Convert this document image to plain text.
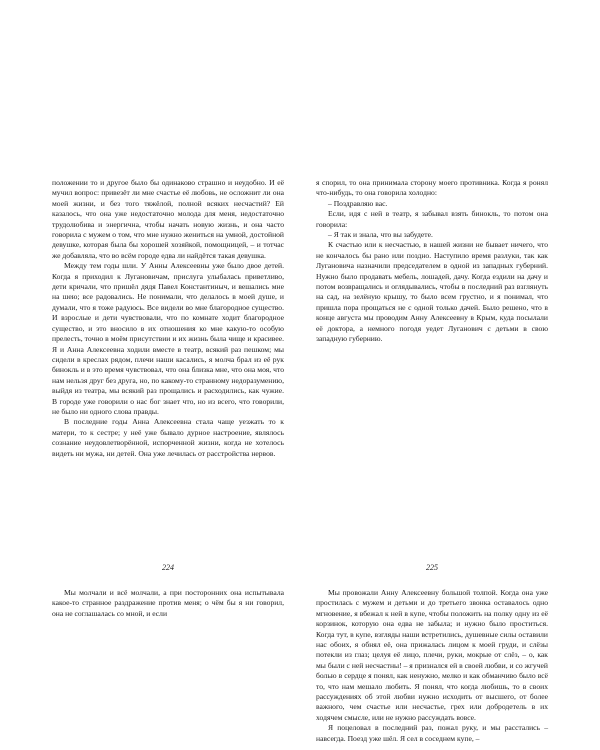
положении то и другое было бы одинаково страшно и неудобно. И её мучил вопрос: привезёт ли мне счастье её любовь, не осложнит ли она моей жизни, и без того тяжёлой, полной всяких несчастий? Ей казалось, что она уже недостаточно молода для меня, недостаточно трудолюбива и энергична, чтобы начать новую жизнь, и она часто говорила с мужем о том, что мне нужно жениться на умной, достойной девушке, которая была бы хорошей хозяйкой, помощницей, – и тотчас же добавляла, что во всём городе едва ли найдётся такая девушка.

Между тем годы шли. У Анны Алексеевны уже было двое детей. Когда я приходил к Лугановичам, прислуга улыбалась приветливо, дети кричали, что пришёл дядя Павел Константиныч, и вешались мне на шею; все радовались. Не понимали, что делалось в моей душе, и думали, что я тоже радуюсь. Все видели во мне благородное существо. И взрослые и дети чувствовали, что по комнате ходит благородное существо, и это вносило в их отношения ко мне какую-то особую прелесть, точно в моём присутствии и их жизнь была чище и красивее. Я и Анна Алексеевна ходили вместе в театр, всякий раз пешком; мы сидели в креслах рядом, плечи наши касались, я молча брал из её рук бинокль и в это время чувствовал, что она близка мне, что она моя, что нам нельзя друг без друга, но, по какому-то странному недоразумению, выйдя из театра, мы всякий раз прощались и расходились, как чужие. В городе уже говорили о нас бог знает что, но из всего, что говорили, не было ни одного слова правды.

В последние годы Анна Алексеевна стала чаще уезжать то к матери, то к сестре; у неё уже бывало дурное настроение, являлось сознание неудовлетворённой, испорченной жизни, когда не хотелось видеть ни мужа, ни детей. Она уже лечилась от расстройства нервов.

224

Мы молчали и всё молчали, а при посторонних она испытывала какое-то странное раздражение против меня; о чём бы я ни говорил, она не соглашалась со мной, и если

я спорил, то она принимала сторону моего противника. Когда я ронял что-нибудь, то она говорила холодно:

– Поздравляю вас.

Если, идя с ней в театр, я забывал взять бинокль, то потом она говорила:

– Я так и знала, что вы забудете.

К счастью или к несчастью, в нашей жизни не бывает ничего, что не кончалось бы рано или поздно. Наступило время разлуки, так как Лугановича назначили председателем в одной из западных губерний. Нужно было продавать мебель, лошадей, дачу. Когда ездили на дачу и потом возвращались и оглядывались, чтобы в последний раз взглянуть на сад, на зелёную крышу, то было всем грустно, и я понимал, что пришла пора прощаться не с одной только дачей. Было решено, что в конце августа мы проводим Анну Алексеевну в Крым, куда посылали её доктора, а немного погодя уедет Луганович с детьми в свою западную губернию.

225

Мы провожали Анну Алексеевну большой толпой. Когда она уже простилась с мужем и детьми и до третьего звонка оставалось одно мгновение, я вбежал к ней в купе, чтобы положить на полку одну из её корзинок, которую она едва не забыла; и нужно было проститься. Когда тут, в купе, взгляды наши встретились, душевные силы оставили нас обоих, я обнял её, она прижалась лицом к моей груди, и слёзы потекли из глаз; целуя её лицо, плечи, руки, мокрые от слёз, – о, как мы были с ней несчастны! – я признался ей в своей любви, и со жгучей болью в сердце я понял, как ненужно, мелко и как обманчиво было всё то, что нам мешало любить. Я понял, что когда любишь, то в своих рассуждениях об этой любви нужно исходить от высшего, от более важного, чем счастье или несчастье, грех или добродетель в их ходячем смысле, или не нужно рассуждать вовсе.

Я поцеловал в последний раз, пожал руку, и мы расстались – навсегда. Поезд уже шёл. Я сел в соседнем купе, –
